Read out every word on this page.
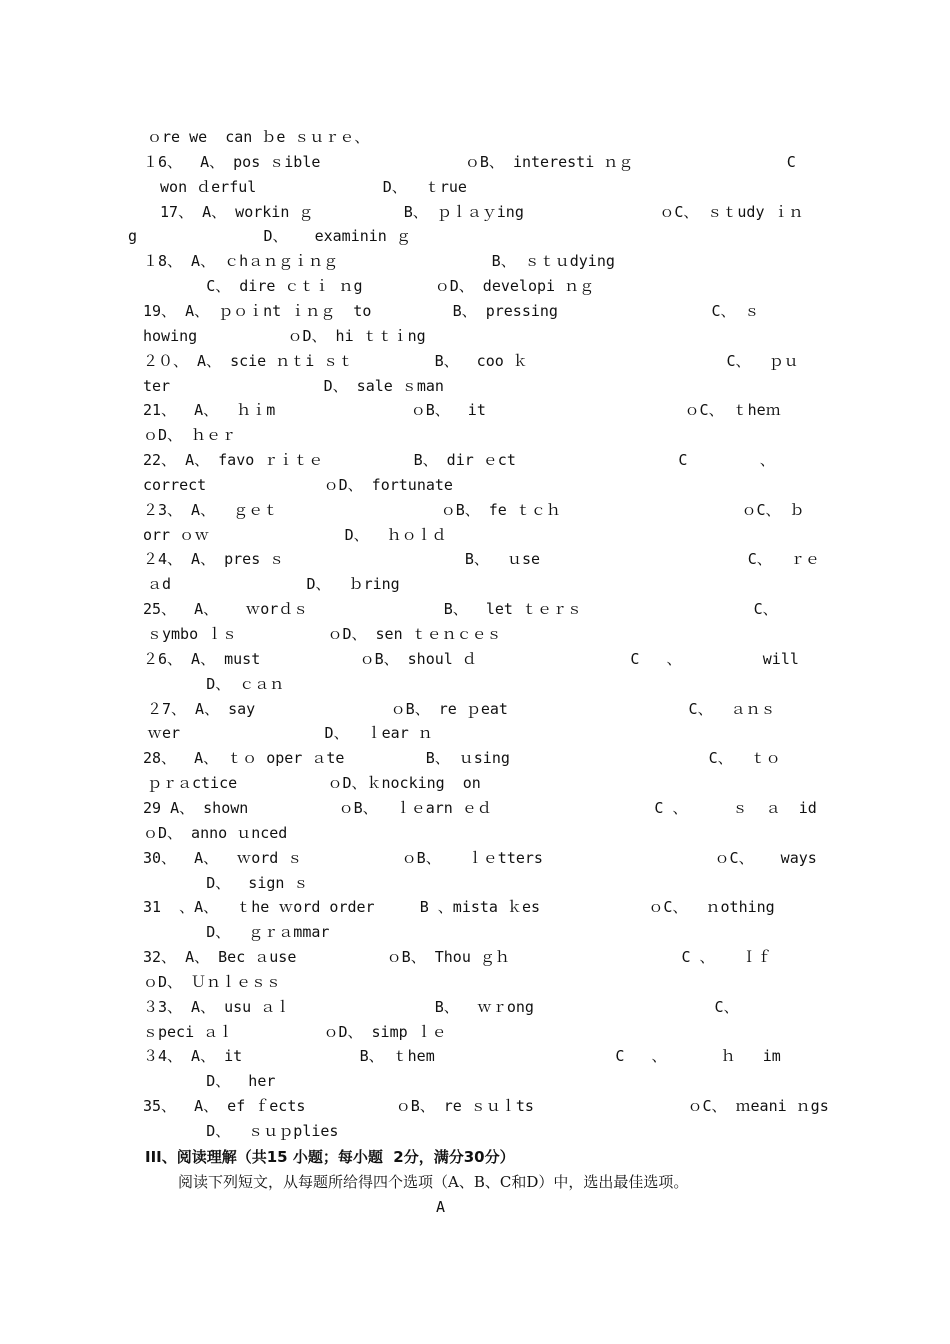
ｏre we  can ｂe ｓｕｒｅ、
１6、  A、 pos ｓible                ｏB、 interesti ｎｇ                 C
won ｄerful              D、  ｔrue
17、 A、 workin ｇ          B、 ｐｌａｙing               ｏC、 ｓｔudy ｉｎ
g              D、   examinin ｇ
１8、 A、 ｃhａｎｇｉｎｇ                 B、 ｓｔｕdying
C、 dire ｃｔｉ ｎg        ｏD、 developi ｎｇ
19、 A、 ｐｏｉnt ｉｎｇ  to         B、 pressing                 C、 ｓ
howing          ｏD、 hi ｔｔｉng
２０、 A、 scie ｎｔi ｓｔ         B、  coo ｋ                      C、  ｐｕ
ter                 D、 sale ｓman
21、  A、  ｈｉm               ｏB、  it                      ｏC、 ｔheｍ
ｏD、 ｈｅｒ
22、 A、 favo ｒｉｔｅ          B、 dir ｅct                  C        、
correct             ｏD、 fortunate
２3、 A、  ｇｅｔ                  ｏB、 fe ｔｃｈ                    ｏC、 ｂ
orr ｏｗ               D、  ｈｏｌｄ
２4、 A、 pres ｓ                    B、  ｕse                       C、  ｒｅ
ａd               D、  ｂring
25、  A、   ｗorｄｓ               B、  let ｔｅｒｓ                   C、
ｓymbo ｌｓ          ｏD、 sen ｔｅｎｃｅｓ
２6、 A、 must           ｏB、 shoul ｄ                 C   、         will
D、 ｃａｎ
２7、 A、 say               ｏB、 re ｐeat                    C、  ａｎｓ
ｗer                D、  ｌear ｎ
28、  A、 ｔｏ oper ａte         B、 ｕsing                      C、  ｔｏ
ｐｒａctice          ｏD、ｋnocking  on
29 A、 shown          ｏB、  ｌｅarn ｅｄ                  C 、     ｓ  ａ  id
ｏD、 anno ｕnced
30、  A、  ｗord ｓ           ｏB、   ｌｅtters                   ｏC、   ways
D、  sign ｓ
31  、A、  ｔhe ｗord order     B 、mista ｋes            ｏC、  ｎothing
D、  ｇｒａmmar
32、 A、 Bec ａuse          ｏB、 Thou ｇｈ                   C 、   Ｉｆ
ｏD、 Ｕｎｌｅｓｓ
３3、 A、 usu ａｌ                B、  ｗｒong                    C、
ｓpeci ａｌ          ｏD、 simp ｌｅ
３4、 A、 it             B、 ｔhem                    C   、      ｈ   im
D、  her
35、  A、 ef ｆects          ｏB、 re ｓｕｌts                 ｏC、 ｍeani ｎgs
D、  ｓｕｐplies
III、阅读理解（共15 小题；每小题  2分，满分30分）
阅读下列短文，从每题所给得四个选项（A、B、C和D）中，选出最佳选项。
A
